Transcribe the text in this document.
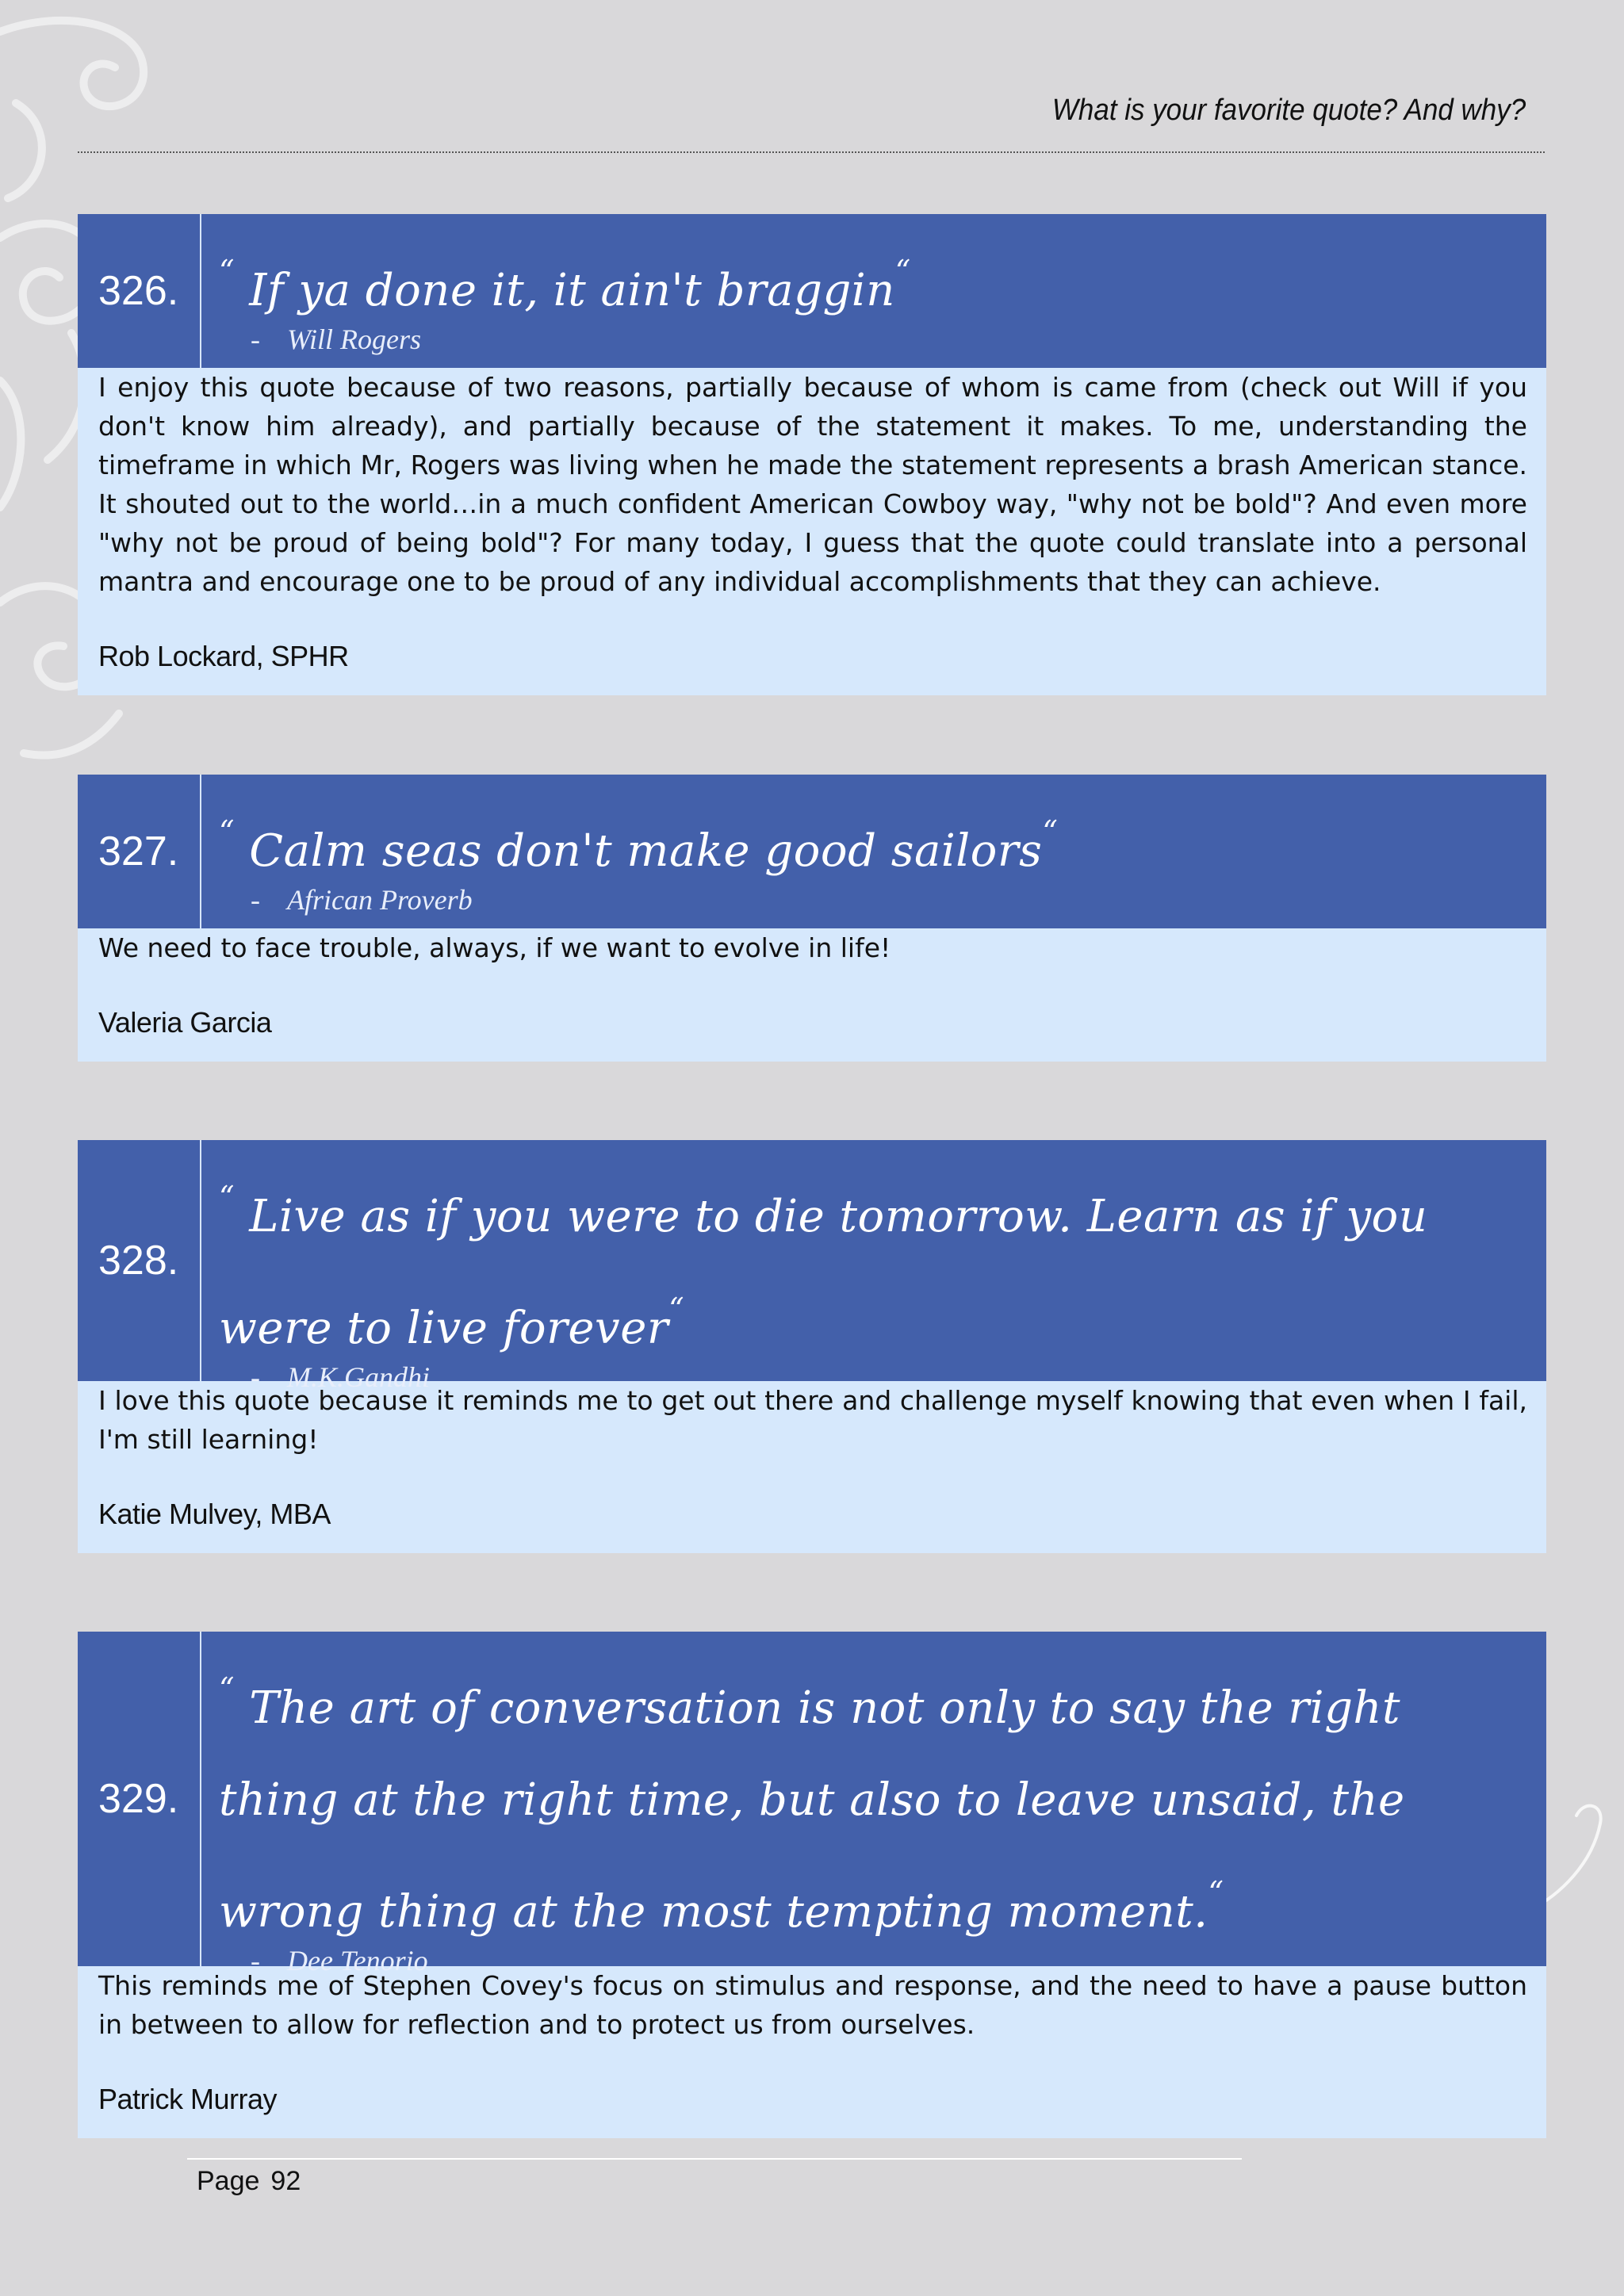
What is your favorite quote? And why?
326.	“ If ya done it, it ain't braggin“

- Will Rogers

I enjoy this quote because of two reasons, partially because of whom is came from (check out Will if you don't know him already), and partially because of the statement it makes. To me, understanding the timeframe in which Mr, Rogers was living when he made the statement represents a brash American stance. It shouted out to the world…in a much confident American Cowboy way, "why not be bold"? And even more "why not be proud of being bold"? For many today, I guess that the quote could translate into a personal mantra and encourage one to be proud of any individual accomplishments that they can achieve.

Rob Lockard, SPHR
327.	“ Calm seas don't make good sailors“

- African Proverb

We need to face trouble, always, if we want to evolve in life!

Valeria Garcia
328.

“ Live as if you were to die tomorrow. Learn as if you were to live forever“

- M.K.Gandhi

I love this quote because it reminds me to get out there and challenge myself knowing that even when I fail, I'm still learning!

Katie Mulvey, MBA
329.

“ The art of conversation is not only to say the right thing at the right time, but also to leave unsaid, the wrong thing at the most tempting moment.“

- Dee Tenorio

This reminds me of Stephen Covey's focus on stimulus and response, and the need to have a pause button in between to allow for reflection and to protect us from ourselves.

Patrick Murray
Page 92
